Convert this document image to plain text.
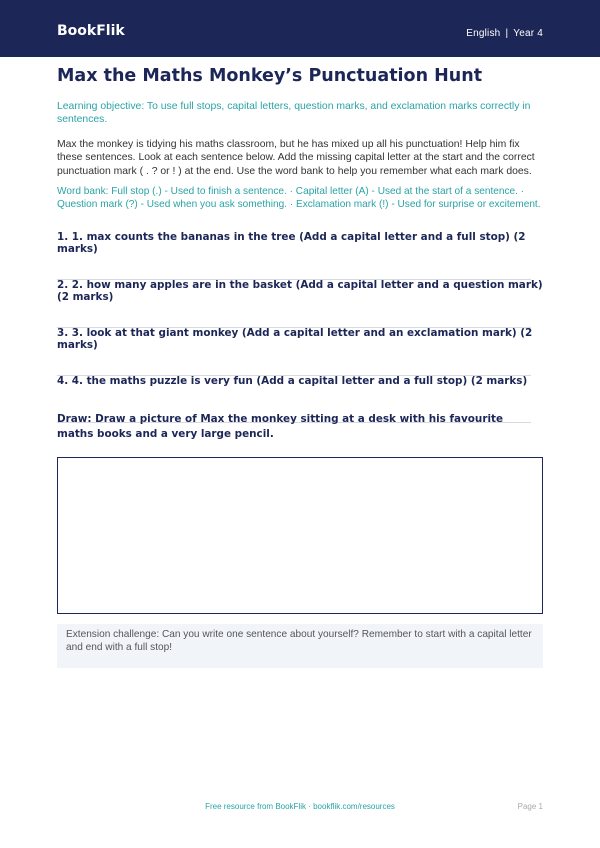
BookFlik	English | Year 4
Max the Maths Monkey’s Punctuation Hunt

Learning objective: To use full stops, capital letters, question marks, and exclamation marks correctly in sentences.

Max the monkey is tidying his maths classroom, but he has mixed up all his punctuation! Help him fix these sentences. Look at each sentence below. Add the missing capital letter at the start and the correct punctuation mark ( . ? or ! ) at the end. Use the word bank to help you remember what each mark does.

Word bank: Full stop (.) - Used to finish a sentence. · Capital letter (A) - Used at the start of a sentence. · Question mark (?) - Used when you ask something. · Exclamation mark (!) - Used for surprise or excitement.

1. 1. max counts the bananas in the tree (Add a capital letter and a full stop) (2 marks)

2. 2. how many apples are in the basket (Add a capital letter and a question mark) (2 marks)

3. 3. look at that giant monkey (Add a capital letter and an exclamation mark) (2 marks)

4. 4. the maths puzzle is very fun (Add a capital letter and a full stop) (2 marks)

Draw: Draw a picture of Max the monkey sitting at a desk with his favourite maths books and a very large pencil.

Extension challenge: Can you write one sentence about yourself? Remember to start with a capital letter and end with a full stop!
Free resource from BookFlik · bookflik.com/resources	Page 1
